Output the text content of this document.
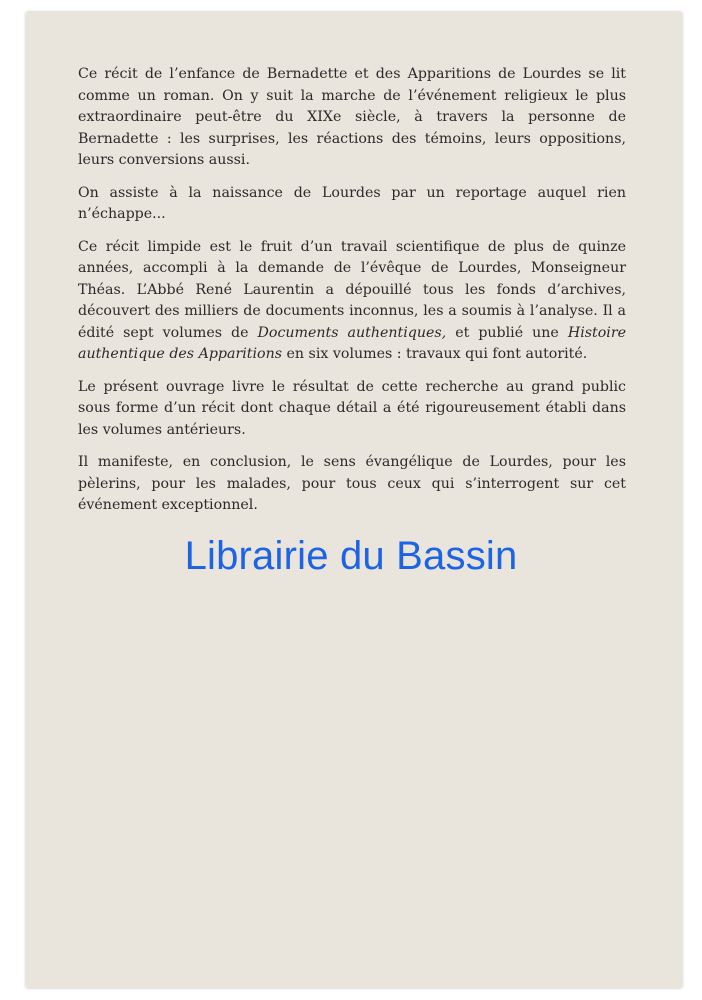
Ce récit de l’enfance de Bernadette et des Apparitions de Lourdes se lit comme un roman. On y suit la marche de l’événement religieux le plus extraordinaire peut-être du XIXe siècle, à travers la personne de Bernadette : les surprises, les réactions des témoins, leurs oppositions, leurs conversions aussi.

On assiste à la naissance de Lourdes par un reportage auquel rien n’échappe...

Ce récit limpide est le fruit d’un travail scientifique de plus de quinze années, accompli à la demande de l’évêque de Lourdes, Monseigneur Théas. L’Abbé René Laurentin a dépouillé tous les fonds d’archives, découvert des milliers de documents inconnus, les a soumis à l’analyse. Il a édité sept volumes de Documents authentiques, et publié une Histoire authentique des Apparitions en six volumes : travaux qui font autorité.

Le présent ouvrage livre le résultat de cette recherche au grand public sous forme d’un récit dont chaque détail a été rigoureusement établi dans les volumes antérieurs.

Il manifeste, en conclusion, le sens évangélique de Lourdes, pour les pèlerins, pour les malades, pour tous ceux qui s’interrogent sur cet événement exceptionnel.

Librairie du Bassin
